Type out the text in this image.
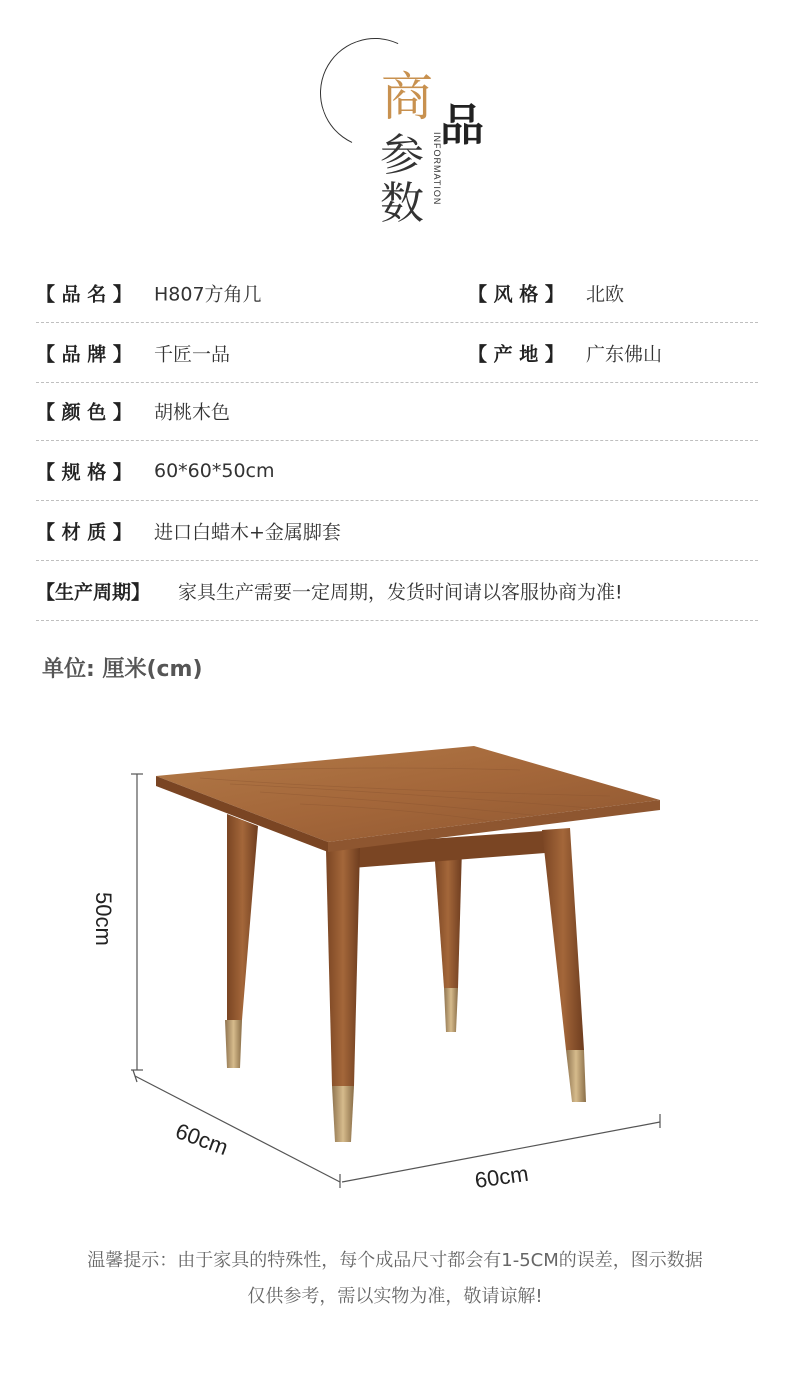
商 品
参
数 INFORMATION
【 品 名 】 H807方角几	【 风 格 】 北欧
【 品 牌 】 千匠一品	【 产 地 】 广东佛山
【 颜 色 】 胡桃木色
【 规 格 】 60*60*50cm
【 材 质 】 进口白蜡木+金属脚套
【生产周期】 家具生产需要一定周期，发货时间请以客服协商为准!
单位: 厘米(cm)
50cm
60cm
60cm
温馨提示：由于家具的特殊性，每个成品尺寸都会有1-5CM的误差，图示数据
仅供参考，需以实物为准，敬请谅解!
